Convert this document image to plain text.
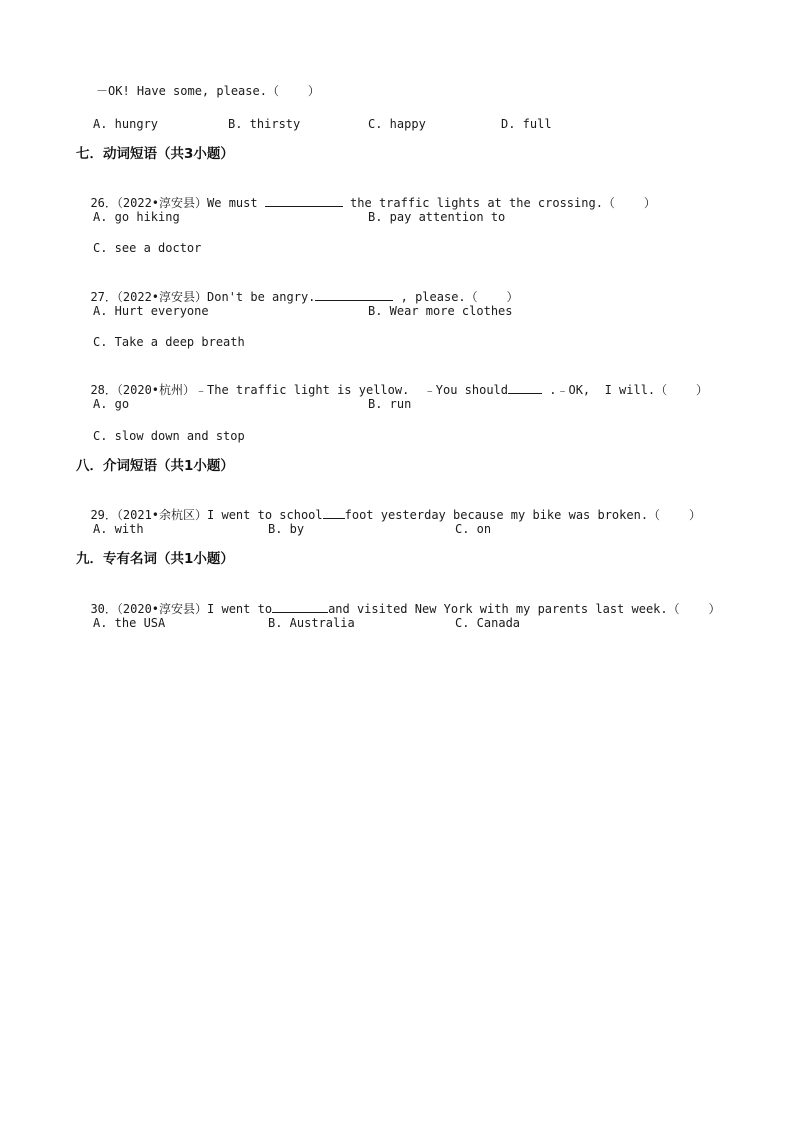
－OK! Have some, please.（    ）
A. hungry	B. thirsty	C. happy	D. full
七．动词短语（共3小题）

26．（2022•淳安县）We must	the traffic lights at the crossing.（    ）

A. go hiking	B. pay attention to
C. see a doctor

27．（2022•淳安县）Don't be angry.	, please.（    ）

A. Hurt everyone	B. Wear more clothes
C. Take a deep breath

28．（2020•杭州）﹣The traffic light is yellow.  ﹣You should	.﹣OK,  I will.（    ）

A. go	B. run
C. slow down and stop
八．介词短语（共1小题）

29．（2021•余杭区）I went to school foot yesterday because my bike was broken.（    ）

A. with	B. by	C. on
九．专有名词（共1小题）

30．（2020•淳安县）I went to	and visited New York with my parents last week.（    ）

A. the USA	B. Australia	C. Canada
